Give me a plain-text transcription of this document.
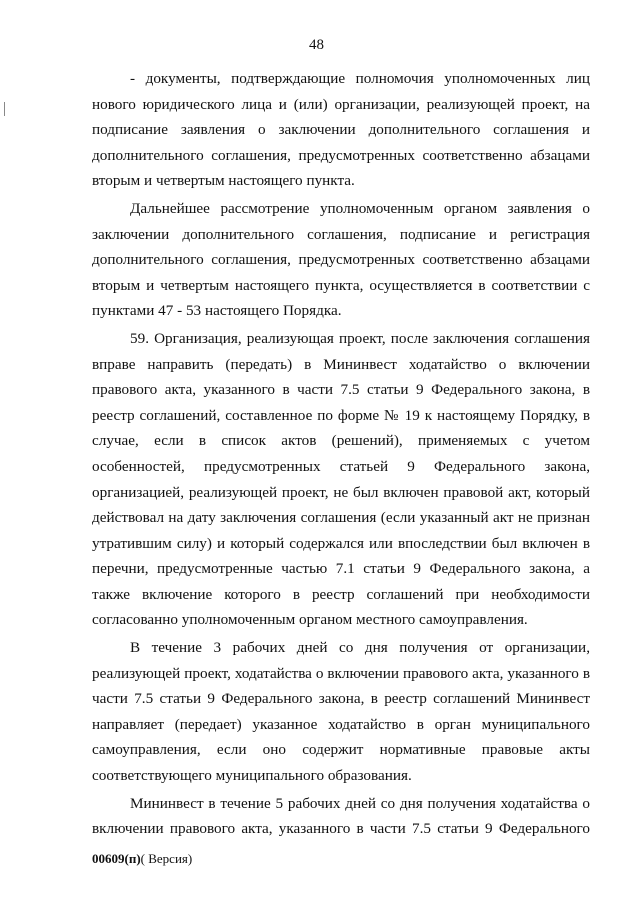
48

- документы, подтверждающие полномочия уполномоченных лиц нового юридического лица и (или) организации, реализующей проект, на подписание заявления о заключении дополнительного соглашения и дополнительного соглашения, предусмотренных соответственно абзацами вторым и четвертым настоящего пункта.

Дальнейшее рассмотрение уполномоченным органом заявления о заключении дополнительного соглашения, подписание и регистрация дополнительного соглашения, предусмотренных соответственно абзацами вторым и четвертым настоящего пункта, осуществляется в соответствии с пунктами 47 - 53 настоящего Порядка.

59. Организация, реализующая проект, после заключения соглашения вправе направить (передать) в Мининвест ходатайство о включении правового акта, указанного в части 7.5 статьи 9 Федерального закона, в реестр соглашений, составленное по форме № 19 к настоящему Порядку, в случае, если в список актов (решений), применяемых с учетом особенностей, предусмотренных статьей 9 Федерального закона, организацией, реализующей проект, не был включен правовой акт, который действовал на дату заключения соглашения (если указанный акт не признан утратившим силу) и который содержался или впоследствии был включен в перечни, предусмотренные частью 7.1 статьи 9 Федерального закона, а также включение которого в реестр соглашений при необходимости согласованно уполномоченным органом местного самоуправления.

В течение 3 рабочих дней со дня получения от организации, реализующей проект, ходатайства о включении правового акта, указанного в части 7.5 статьи 9 Федерального закона, в реестр соглашений Мининвест направляет (передает) указанное ходатайство в орган муниципального самоуправления, если оно содержит нормативные правовые акты соответствующего муниципального образования.

Мининвест в течение 5 рабочих дней со дня получения ходатайства о включении правового акта, указанного в части 7.5 статьи 9 Федерального

00609(п)( Версия)
